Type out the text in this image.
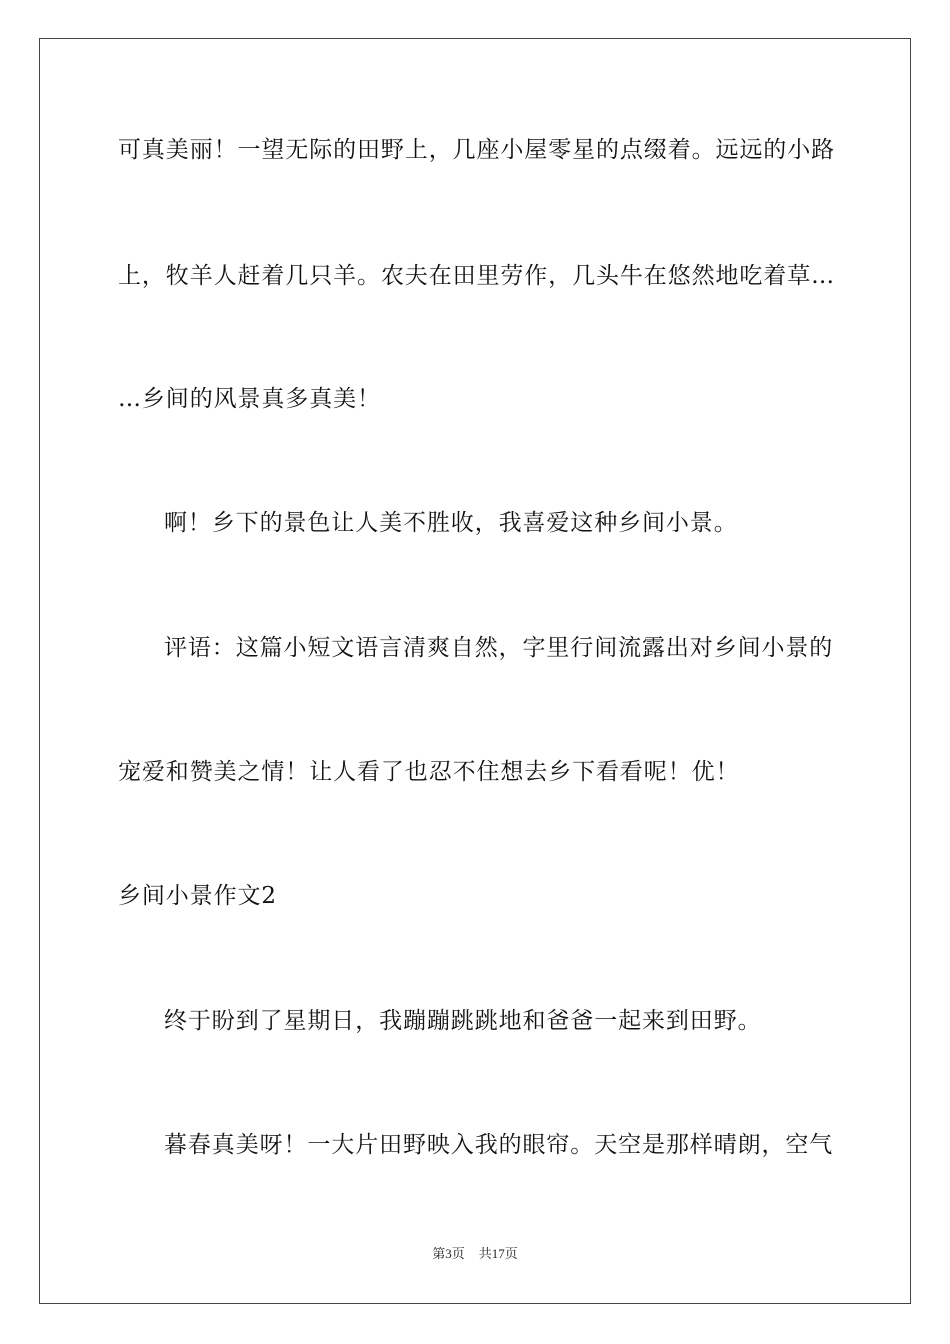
可真美丽！一望无际的田野上，几座小屋零星的点缀着。远远的小路
上，牧羊人赶着几只羊。农夫在田里劳作，几头牛在悠然地吃着草…
…乡间的风景真多真美！
啊！乡下的景色让人美不胜收，我喜爱这种乡间小景。
评语：这篇小短文语言清爽自然，字里行间流露出对乡间小景的
宠爱和赞美之情！让人看了也忍不住想去乡下看看呢！优！
乡间小景作文2
终于盼到了星期日，我蹦蹦跳跳地和爸爸一起来到田野。
暮春真美呀！一大片田野映入我的眼帘。天空是那样晴朗，空气
第3页 共17页
